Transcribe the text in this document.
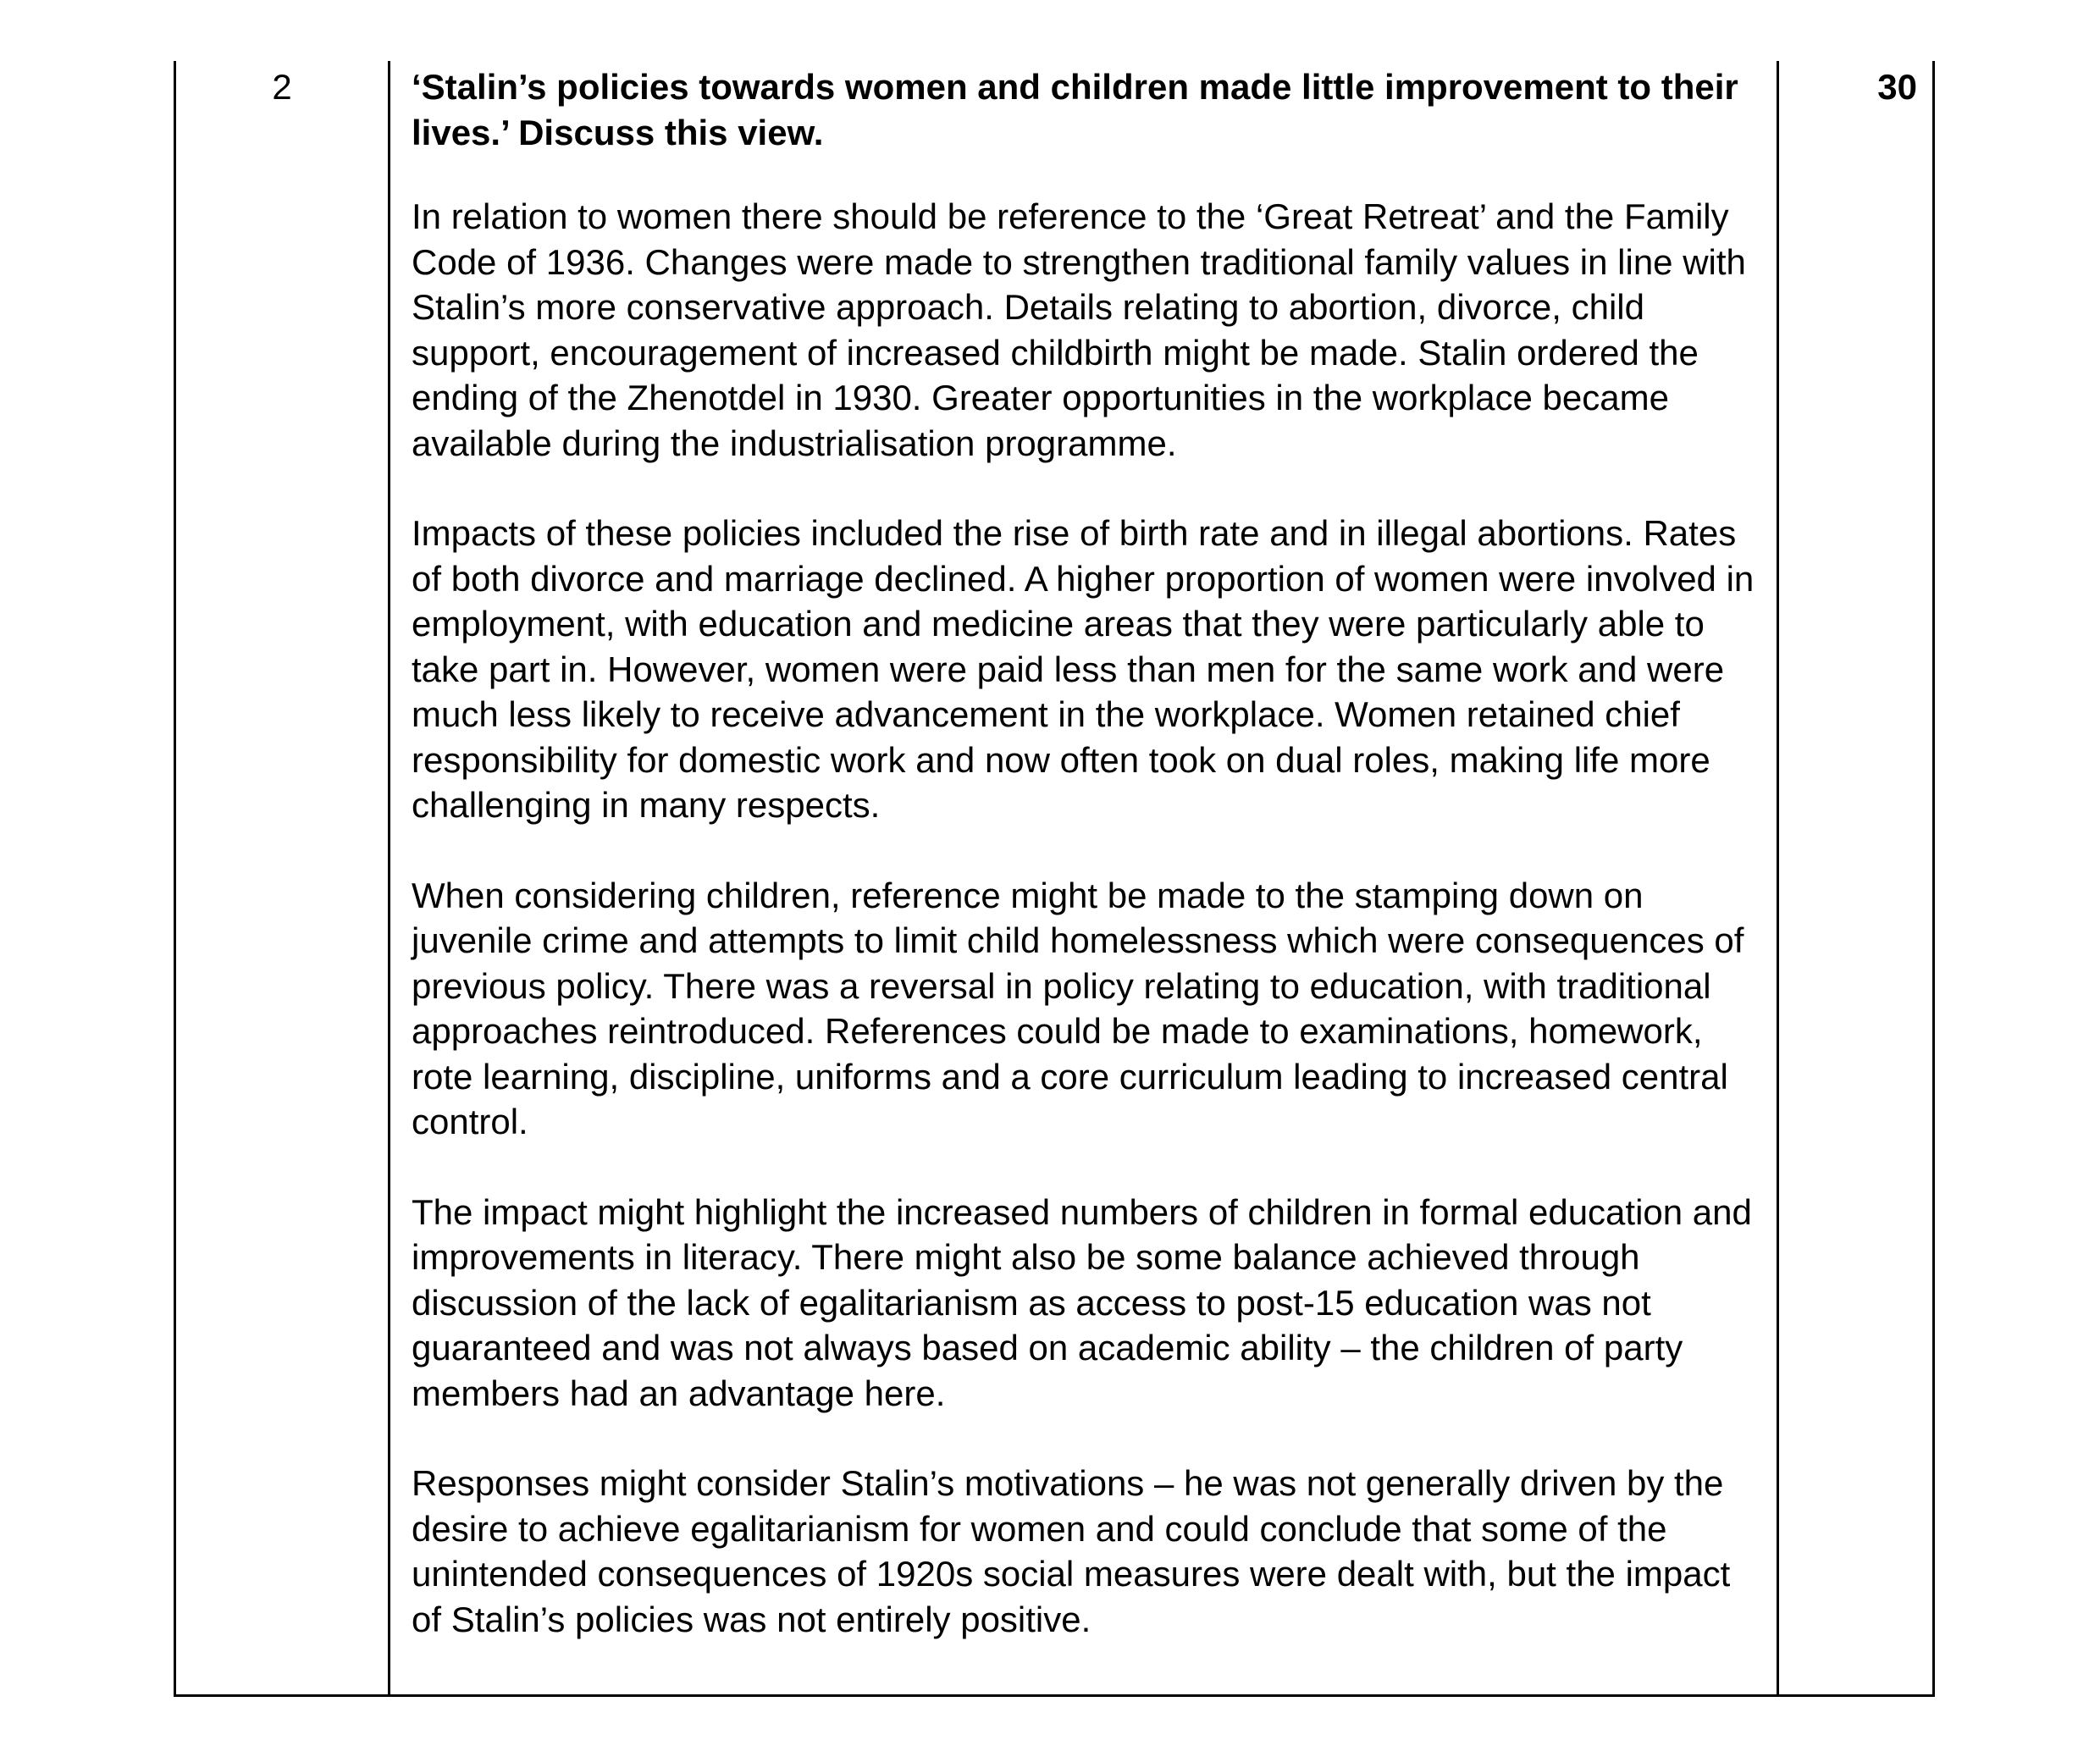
2	‘Stalin’s policies towards women and children made little improvement to their lives.’ Discuss this view.

In relation to women there should be reference to the ‘Great Retreat’ and the Family Code of 1936. Changes were made to strengthen traditional family values in line with Stalin’s more conservative approach. Details relating to abortion, divorce, child support, encouragement of increased childbirth might be made. Stalin ordered the ending of the Zhenotdel in 1930. Greater opportunities in the workplace became available during the industrialisation programme.

Impacts of these policies included the rise of birth rate and in illegal abortions. Rates of both divorce and marriage declined. A higher proportion of women were involved in employment, with education and medicine areas that they were particularly able to take part in. However, women were paid less than men for the same work and were much less likely to receive advancement in the workplace. Women retained chief responsibility for domestic work and now often took on dual roles, making life more challenging in many respects.

When considering children, reference might be made to the stamping down on juvenile crime and attempts to limit child homelessness which were consequences of previous policy. There was a reversal in policy relating to education, with traditional approaches reintroduced. References could be made to examinations, homework, rote learning, discipline, uniforms and a core curriculum leading to increased central control.

The impact might highlight the increased numbers of children in formal education and improvements in literacy. There might also be some balance achieved through discussion of the lack of egalitarianism as access to post-15 education was not guaranteed and was not always based on academic ability – the children of party members had an advantage here.

Responses might consider Stalin’s motivations – he was not generally driven by the desire to achieve egalitarianism for women and could conclude that some of the unintended consequences of 1920s social measures were dealt with, but the impact of Stalin’s policies was not entirely positive.

30
